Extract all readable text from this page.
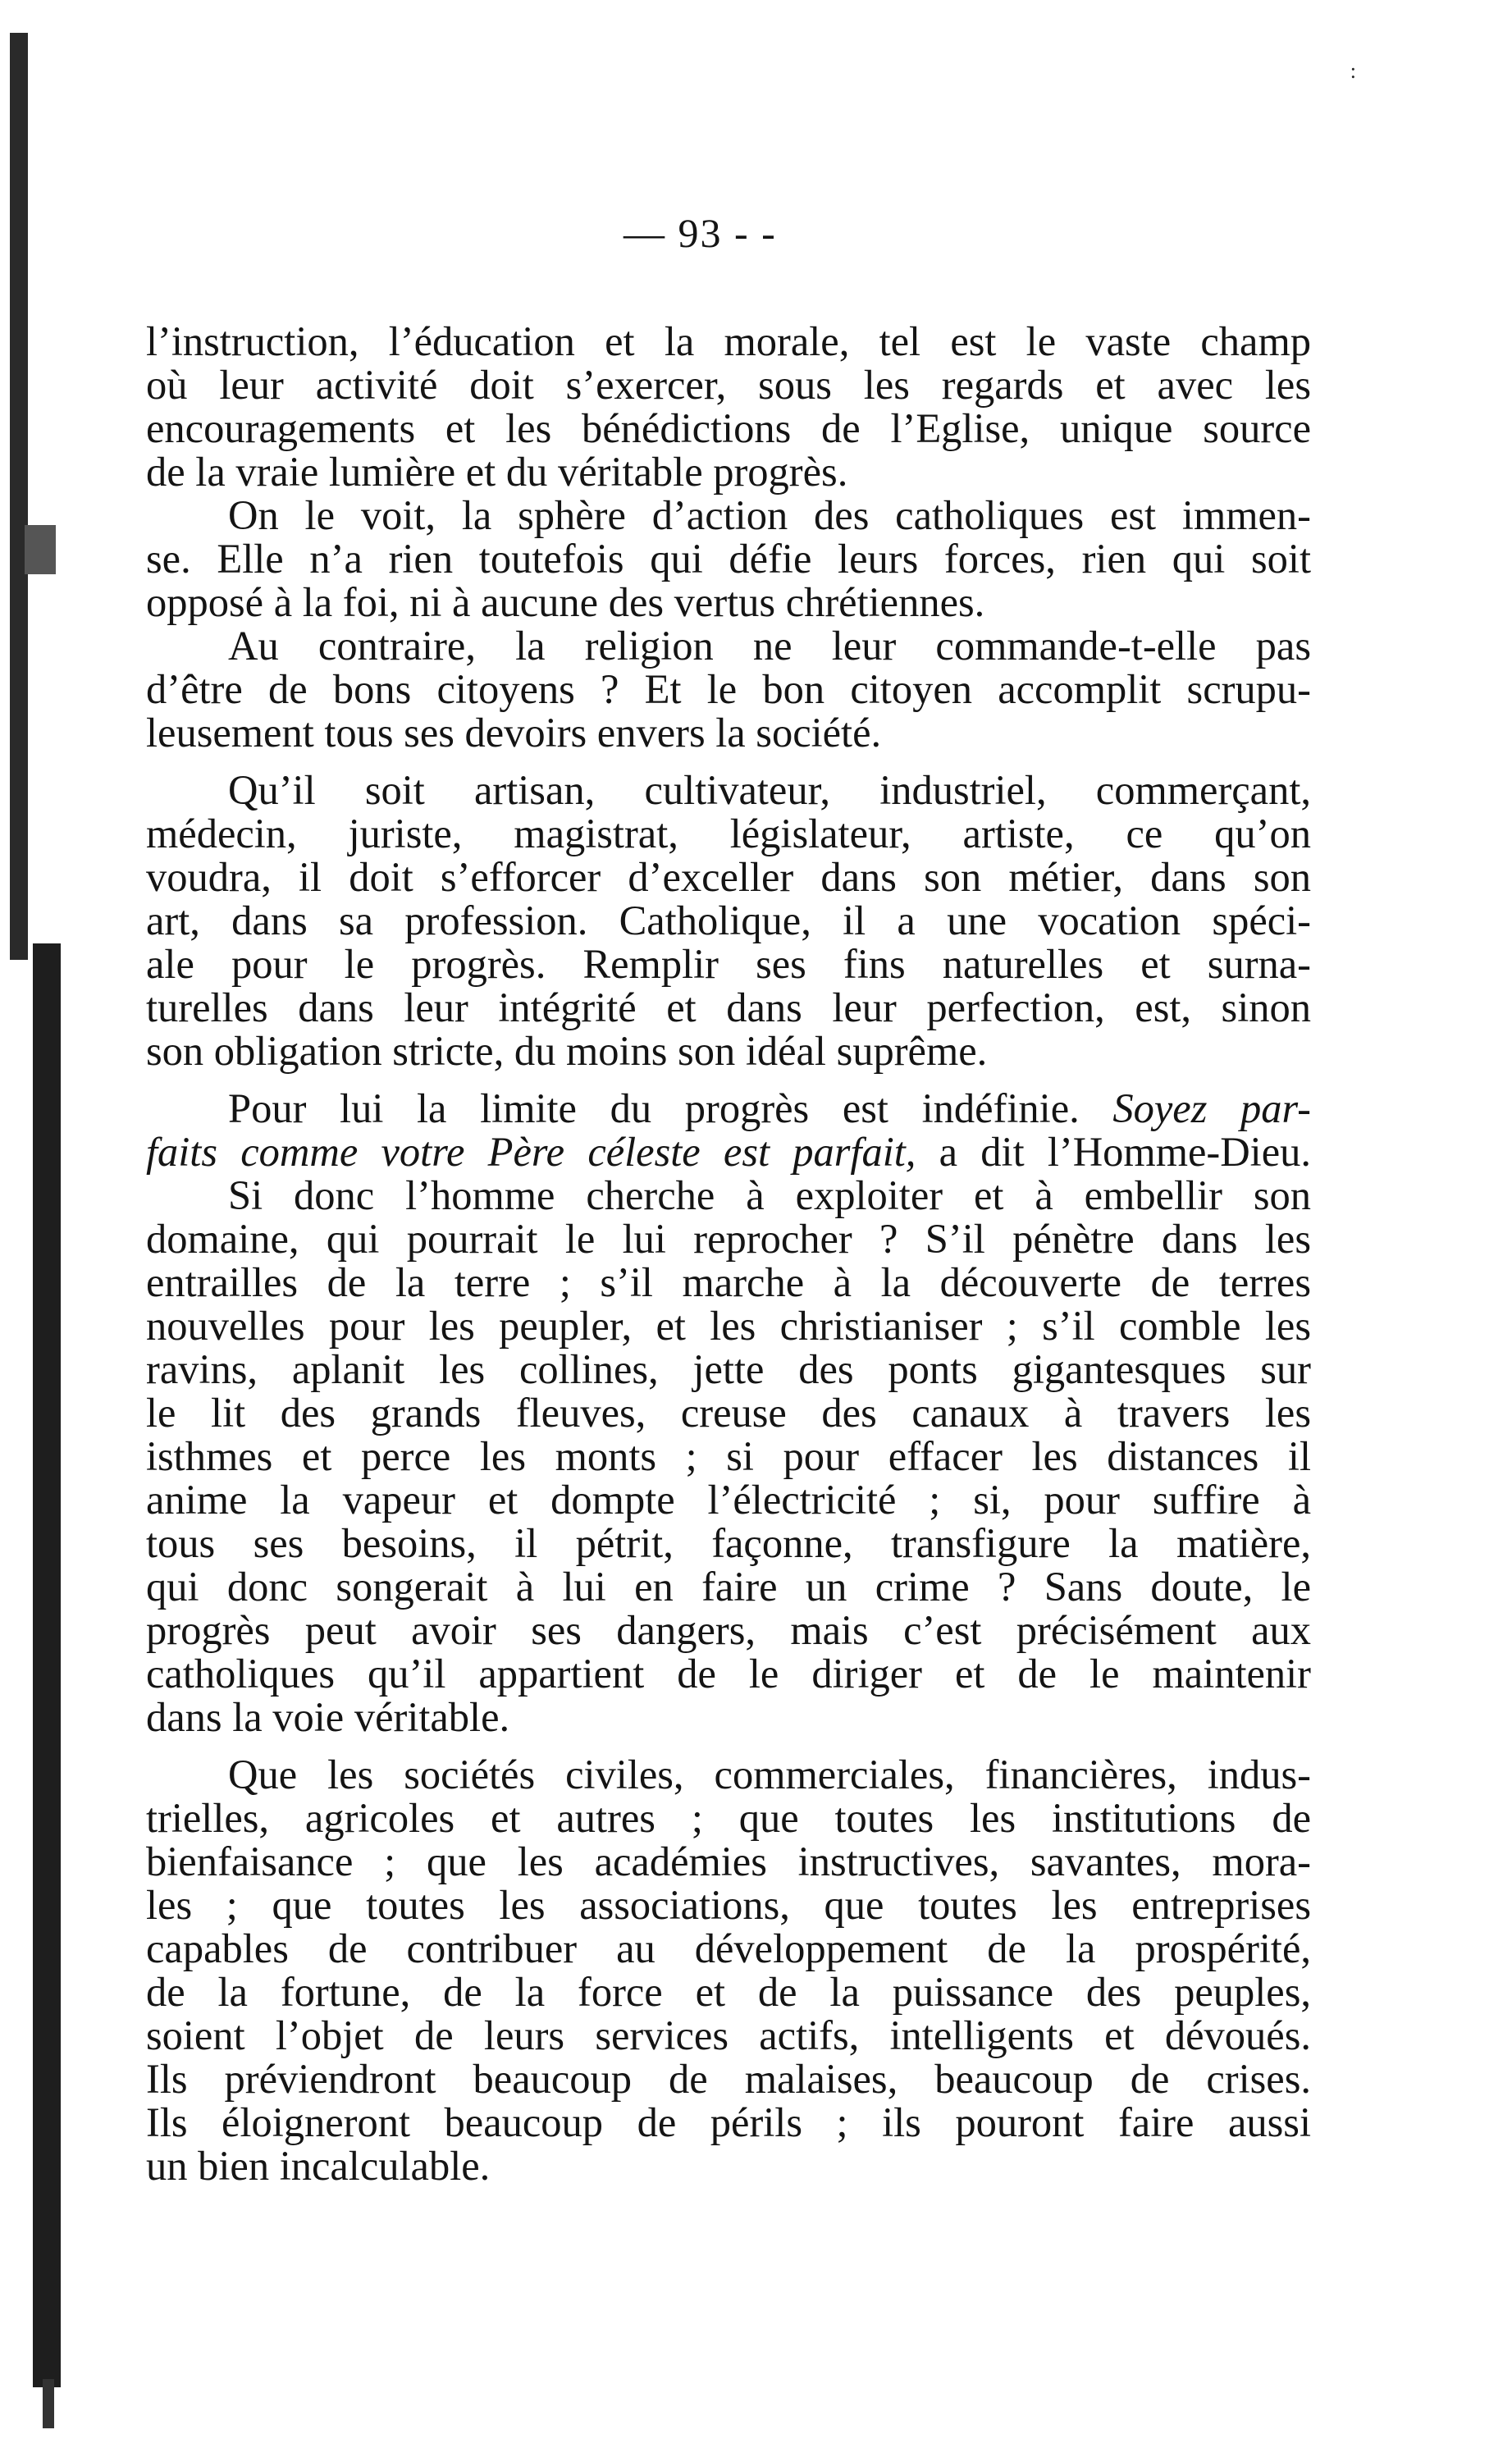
:
— 93 - -
l’instruction, l’éducation et la morale, tel est le vaste champ
où leur activité doit s’exercer, sous les regards et avec les
encouragements et les bénédictions de l’Eglise, unique source
de la vraie lumière et du véritable progrès.
On le voit, la sphère d’action des catholiques est immen-
se. Elle n’a rien toutefois qui défie leurs forces, rien qui soit
opposé à la foi, ni à aucune des vertus chrétiennes.
Au contraire, la religion ne leur commande-t-elle pas
d’être de bons citoyens ? Et le bon citoyen accomplit scrupu-
leusement tous ses devoirs envers la société.
Qu’il soit artisan, cultivateur, industriel, commerçant,
médecin, juriste, magistrat, législateur, artiste, ce qu’on
voudra, il doit s’efforcer d’exceller dans son métier, dans son
art, dans sa profession. Catholique, il a une vocation spéci-
ale pour le progrès. Remplir ses fins naturelles et surna-
turelles dans leur intégrité et dans leur perfection, est, sinon
son obligation stricte, du moins son idéal suprême.
Pour lui la limite du progrès est indéfinie. Soyez par-
faits comme votre Père céleste est parfait, a dit l’Homme-Dieu.
Si donc l’homme cherche à exploiter et à embellir son
domaine, qui pourrait le lui reprocher ? S’il pénètre dans les
entrailles de la terre ; s’il marche à la découverte de terres
nouvelles pour les peupler, et les christianiser ; s’il comble les
ravins, aplanit les collines, jette des ponts gigantesques sur
le lit des grands fleuves, creuse des canaux à travers les
isthmes et perce les monts ; si pour effacer les distances il
anime la vapeur et dompte l’électricité ; si, pour suffire à
tous ses besoins, il pétrit, façonne, transfigure la matière,
qui donc songerait à lui en faire un crime ? Sans doute, le
progrès peut avoir ses dangers, mais c’est précisément aux
catholiques qu’il appartient de le diriger et de le maintenir
dans la voie véritable.
Que les sociétés civiles, commerciales, financières, indus-
trielles, agricoles et autres ; que toutes les institutions de
bienfaisance ; que les académies instructives, savantes, mora-
les ; que toutes les associations, que toutes les entreprises
capables de contribuer au développement de la prospérité,
de la fortune, de la force et de la puissance des peuples,
soient l’objet de leurs services actifs, intelligents et dévoués.
Ils préviendront beaucoup de malaises, beaucoup de crises.
Ils éloigneront beaucoup de périls ; ils pouront faire aussi
un bien incalculable.
